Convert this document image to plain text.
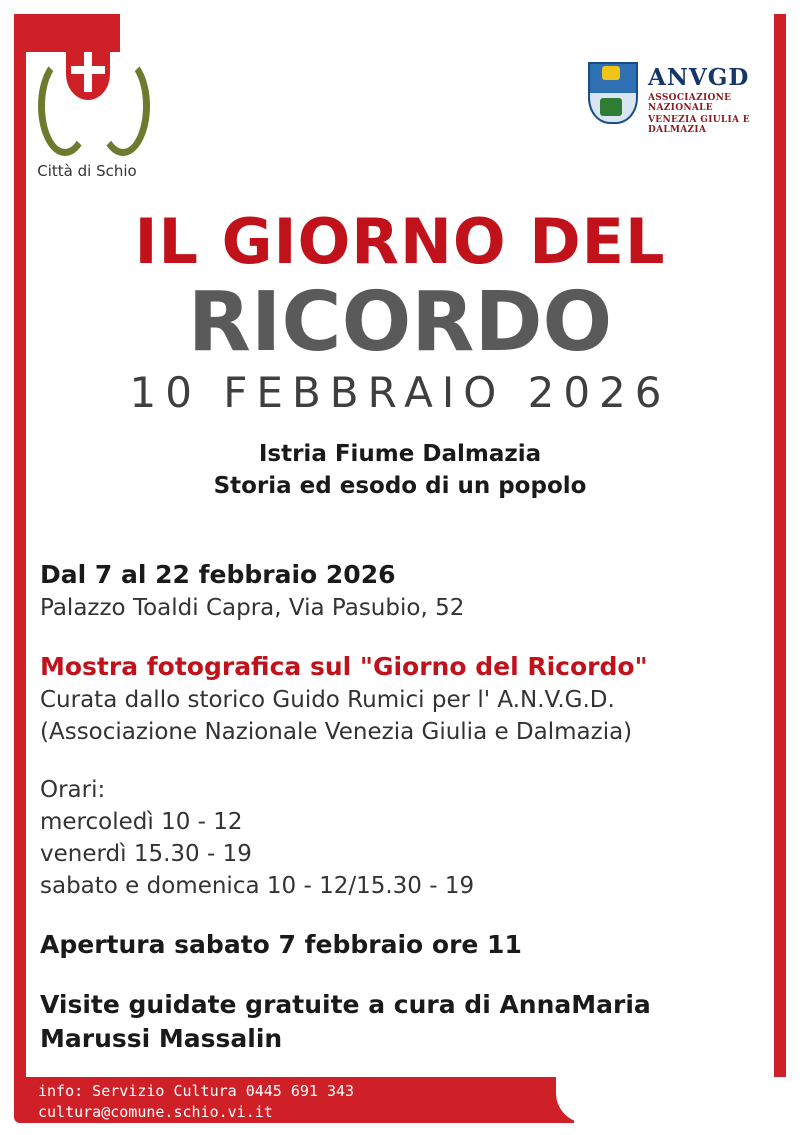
Città di Schio
ANVGD
ASSOCIAZIONE NAZIONALE
VENEZIA GIULIA E DALMAZIA
IL GIORNO DEL
RICORDO
10 FEBBRAIO 2026
Istria Fiume Dalmazia
Storia ed esodo di un popolo
Dal 7 al 22 febbraio 2026
Palazzo Toaldi Capra, Via Pasubio, 52
Mostra fotografica sul "Giorno del Ricordo"
Curata dallo storico Guido Rumici per l' A.N.V.G.D.
(Associazione Nazionale Venezia Giulia e Dalmazia)
Orari:
mercoledì 10 - 12
venerdì 15.30 - 19
sabato e domenica 10 - 12/15.30 - 19
Apertura sabato 7 febbraio ore 11
Visite guidate gratuite a cura di AnnaMaria Marussi Massalin
info: Servizio Cultura 0445 691 343
cultura@comune.schio.vi.it
